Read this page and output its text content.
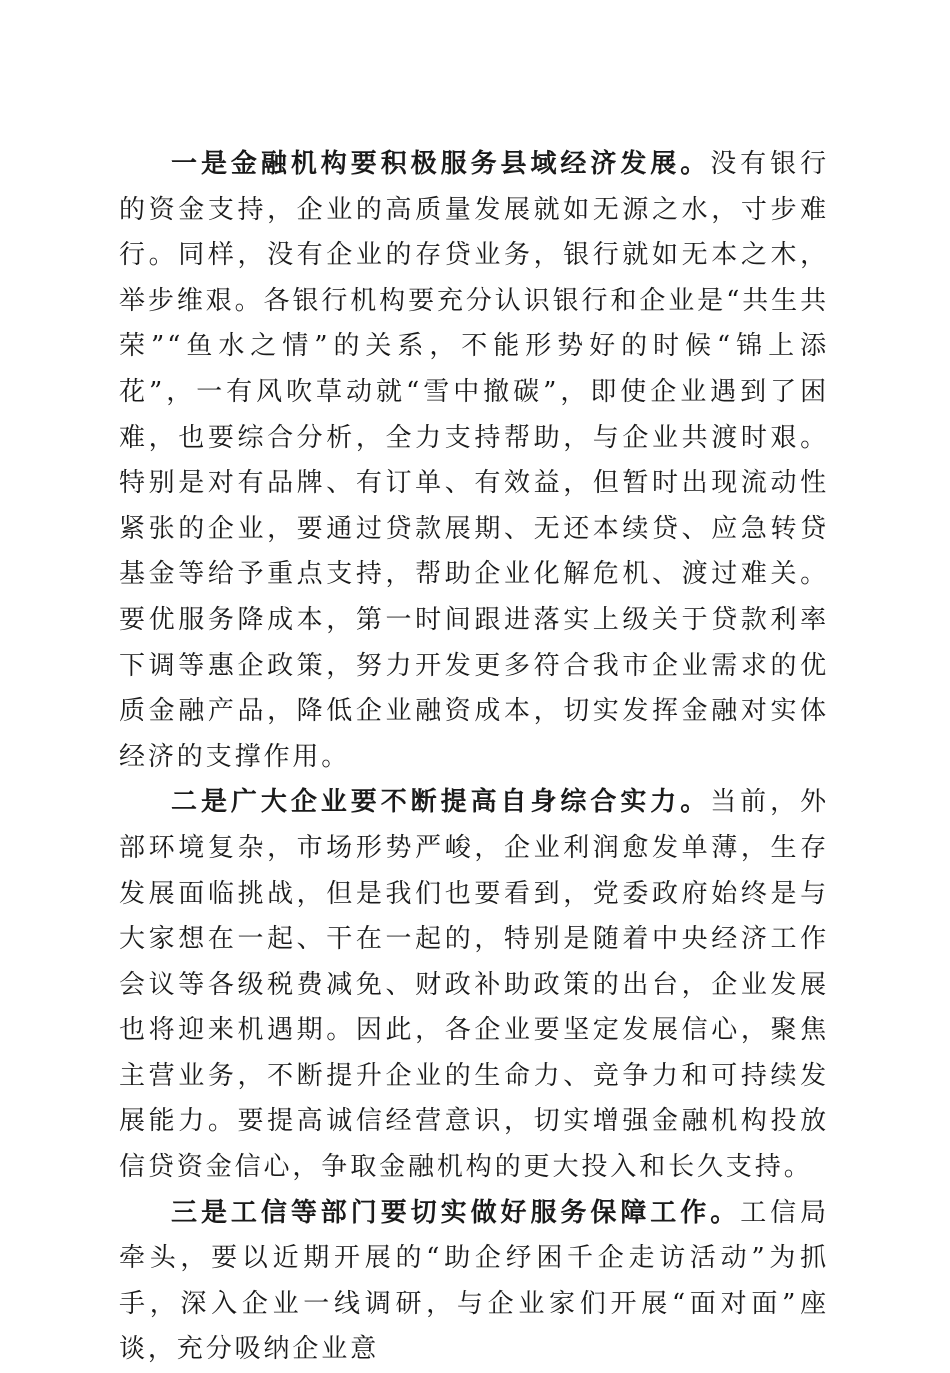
一是金融机构要积极服务县域经济发展。没有银行的资金支持，企业的高质量发展就如无源之水，寸步难行。同样，没有企业的存贷业务，银行就如无本之木，举步维艰。各银行机构要充分认识银行和企业是“共生共荣”“鱼水之情”的关系，不能形势好的时候“锦上添花”，一有风吹草动就“雪中撤碳”，即使企业遇到了困难，也要综合分析，全力支持帮助，与企业共渡时艰。特别是对有品牌、有订单、有效益，但暂时出现流动性紧张的企业，要通过贷款展期、无还本续贷、应急转贷基金等给予重点支持，帮助企业化解危机、渡过难关。要优服务降成本，第一时间跟进落实上级关于贷款利率下调等惠企政策，努力开发更多符合我市企业需求的优质金融产品，降低企业融资成本，切实发挥金融对实体经济的支撑作用。

二是广大企业要不断提高自身综合实力。当前，外部环境复杂，市场形势严峻，企业利润愈发单薄，生存发展面临挑战，但是我们也要看到，党委政府始终是与大家想在一起、干在一起的，特别是随着中央经济工作会议等各级税费减免、财政补助政策的出台，企业发展也将迎来机遇期。因此，各企业要坚定发展信心，聚焦主营业务，不断提升企业的生命力、竞争力和可持续发展能力。要提高诚信经营意识，切实增强金融机构投放信贷资金信心，争取金融机构的更大投入和长久支持。

三是工信等部门要切实做好服务保障工作。工信局牵头，要以近期开展的“助企纾困千企走访活动”为抓手，深入企业一线调研，与企业家们开展“面对面”座谈，充分吸纳企业意
